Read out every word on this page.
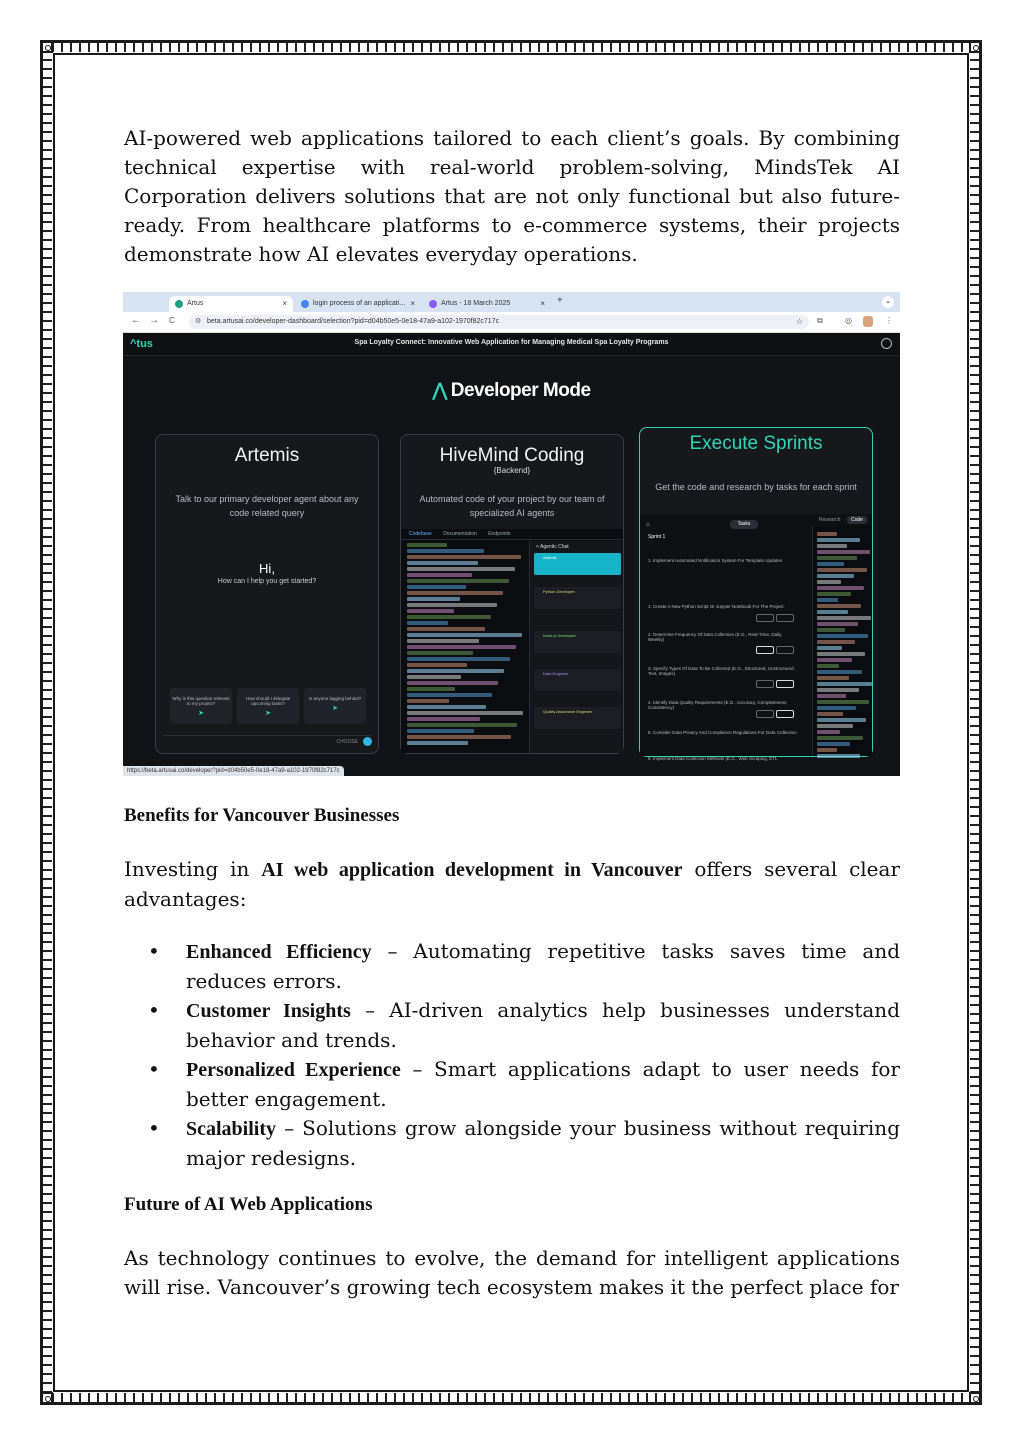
AI-powered web applications tailored to each client’s goals. By combining technical expertise with real-world problem-solving, MindsTek AI Corporation delivers solutions that are not only functional but also future-ready. From healthcare platforms to e-commerce systems, their projects demonstrate how AI elevates everyday operations.

Artus	×	login process of an applicati... ×	Artus - 18 March 2025	× +	⌄
← → C	⚙ beta.artusai.co/developer-dashboard/selection?pid=d04b50e5-0e18-47a9-a102-1970f82c717c	☆ ⧉	◎	⋮
^tus	Spa Loyalty Connect: Innovative Web Application for Managing Medical Spa Loyalty Programs
⋀ Developer Mode
Artemis
Talk to our primary developer agent about any code related query
Hi,
How can I help you get started?
Why is this question relevant to my project?
➤
How should I delegate upcoming tasks?
➤
Is anyone lagging behind?
➤
CHOOSE
HiveMind Coding
{Backend}
Automated code of your project by our team of specialized AI agents
Codebase Documentation Endpoints
< Agentic Chat
Artemis
Python Developer
Node.js Developer
Data Engineer
Quality Assurance Engineer
Execute Sprints
Get the code and research by tasks for each sprint
⌂	Tasks
Sprint 1
1. Implement Automated Notification System For Template Updates
1. Create A New Python Script Or Jupyter Notebook For The Project.
2. Determine Frequency Of Data Collection (E.G., Real-Time, Daily, Weekly)
3. Specify Types Of Data To Be Collected (E.G., Structured, Unstructured, Text, Images)
4. Identify Data Quality Requirements (E.G., Accuracy, Completeness, Consistency)
5. Consider Data Privacy And Compliance Regulations For Data Collection
6. Implement Data Collection Methods (E.G., Web Scraping, ETL
Research	Code
https://beta.artusai.co/developer?pid=d04b50e5-0e18-47a9-a102-1970f82c717c
Benefits for Vancouver Businesses

Investing in AI web application development in Vancouver offers several clear advantages:

• Enhanced Efficiency – Automating repetitive tasks saves time and reduces errors.
• Customer Insights – AI-driven analytics help businesses understand behavior and trends.
• Personalized Experience – Smart applications adapt to user needs for better engagement.
• Scalability – Solutions grow alongside your business without requiring major redesigns.
Future of AI Web Applications

As technology continues to evolve, the demand for intelligent applications will rise. Vancouver’s growing tech ecosystem makes it the perfect place for
